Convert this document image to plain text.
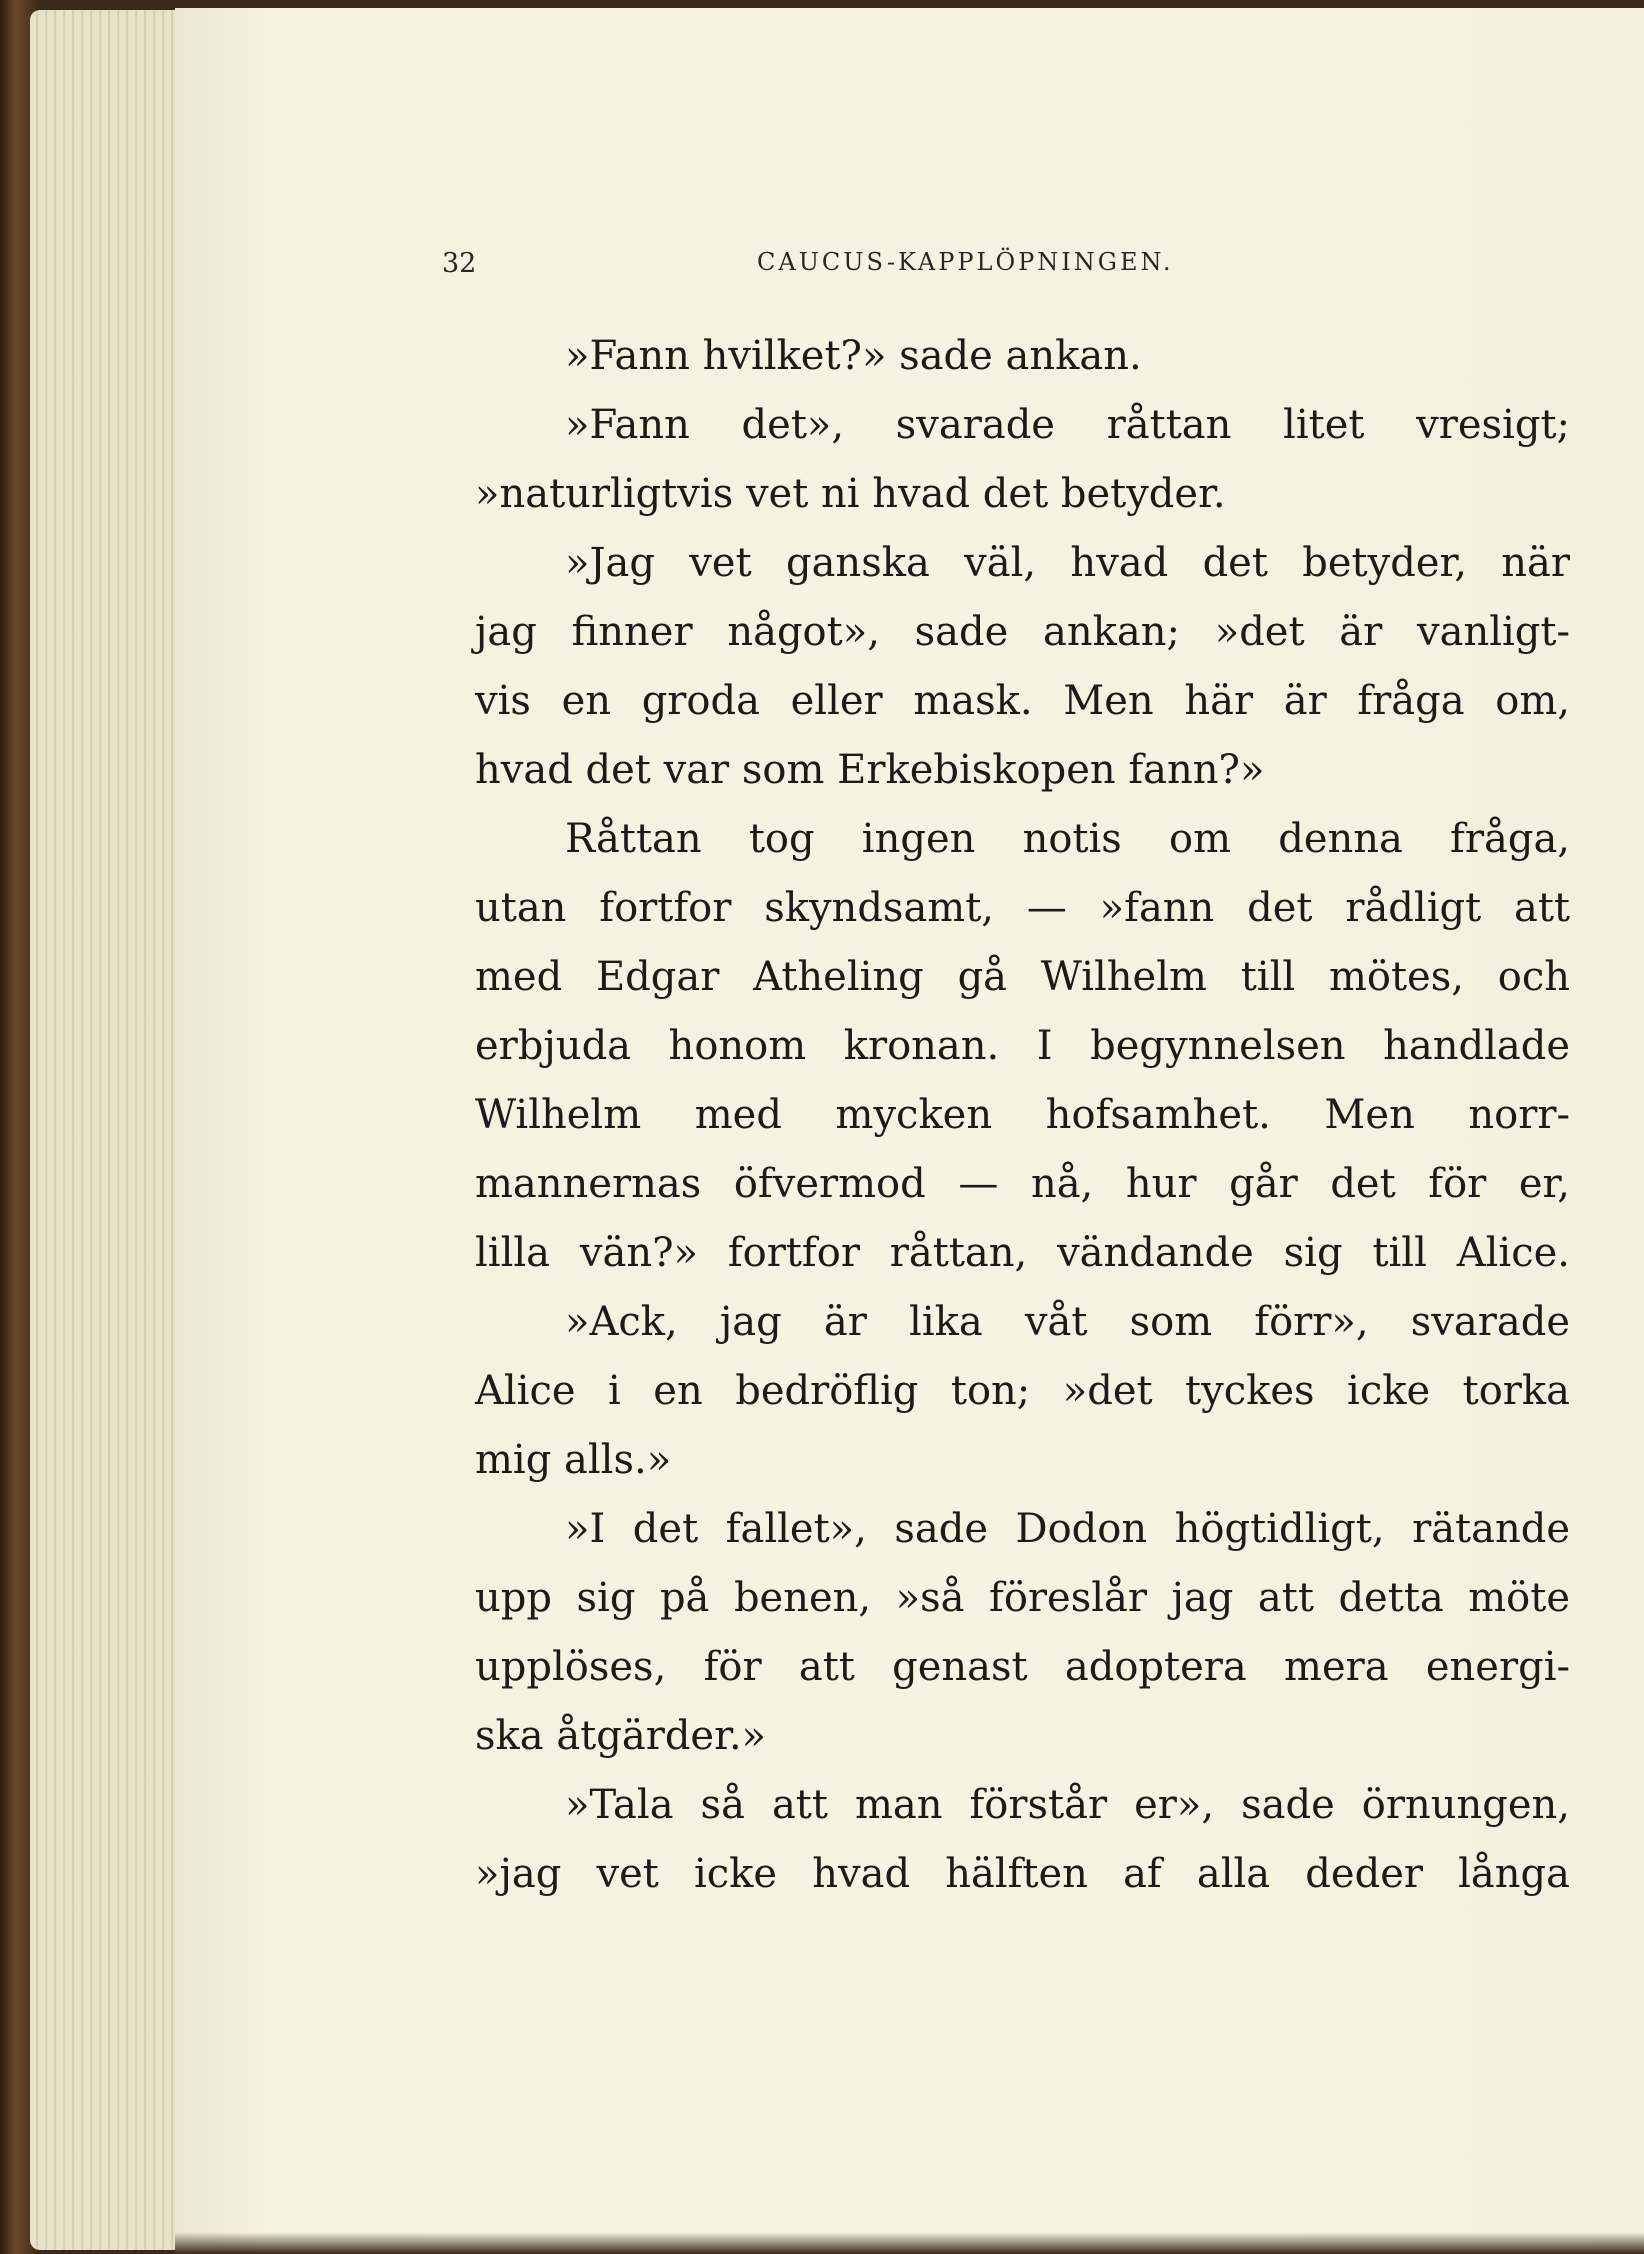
32	CAUCUS-KAPPLÖPNINGEN.
»Fann hvilket?» sade ankan.
»Fann det», svarade råttan litet vresigt;
»naturligtvis vet ni hvad det betyder.
»Jag vet ganska väl, hvad det betyder, när
jag finner något», sade ankan; »det är vanligt-
vis en groda eller mask. Men här är fråga om,
hvad det var som Erkebiskopen fann?»
Råttan tog ingen notis om denna fråga,
utan fortfor skyndsamt, — »fann det rådligt att
med Edgar Atheling gå Wilhelm till mötes, och
erbjuda honom kronan. I begynnelsen handlade
Wilhelm med mycken hofsamhet. Men norr-
mannernas öfvermod — nå, hur går det för er,
lilla vän?» fortfor råttan, vändande sig till Alice.
»Ack, jag är lika våt som förr», svarade
Alice i en bedröflig ton; »det tyckes icke torka
mig alls.»
»I det fallet», sade Dodon högtidligt, rätande
upp sig på benen, »så föreslår jag att detta möte
upplöses, för att genast adoptera mera energi-
ska åtgärder.»
»Tala så att man förstår er», sade örnungen,
»jag vet icke hvad hälften af alla deder långa
